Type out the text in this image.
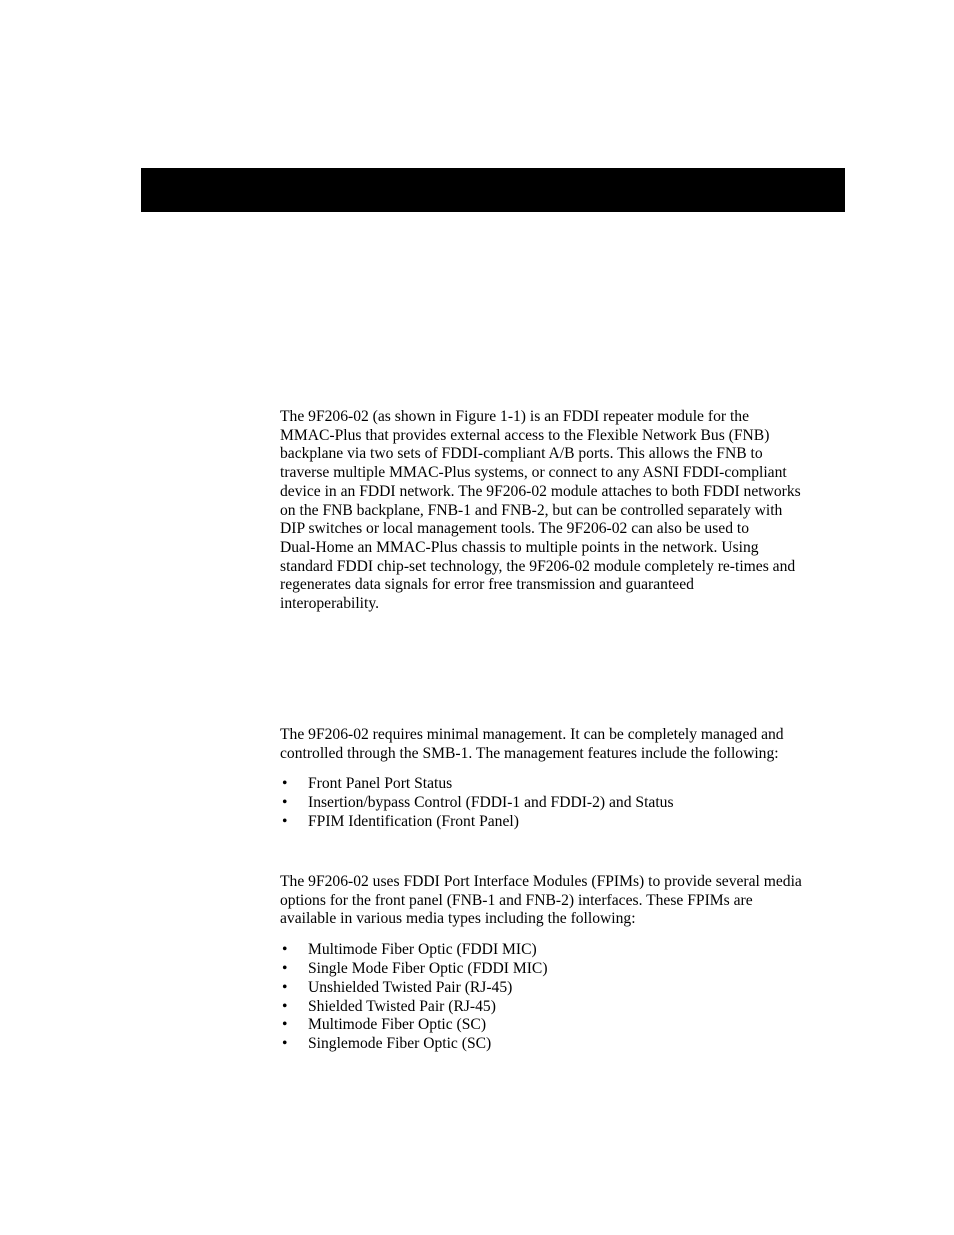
The 9F206-02 (as shown in Figure 1-1) is an FDDI repeater module for the
MMAC-Plus that provides external access to the Flexible Network Bus (FNB)
backplane via two sets of FDDI-compliant A/B ports. This allows the FNB to
traverse multiple MMAC-Plus systems, or connect to any ASNI FDDI-compliant
device in an FDDI network. The 9F206-02 module attaches to both FDDI networks
on the FNB backplane, FNB-1 and FNB-2, but can be controlled separately with
DIP switches or local management tools. The 9F206-02 can also be used to
Dual-Home an MMAC-Plus chassis to multiple points in the network. Using
standard FDDI chip-set technology, the 9F206-02 module completely re-times and
regenerates data signals for error free transmission and guaranteed
interoperability.

The 9F206-02 requires minimal management. It can be completely managed and
controlled through the SMB-1. The management features include the following:

• Front Panel Port Status
• Insertion/bypass Control (FDDI-1 and FDDI-2) and Status
• FPIM Identification (Front Panel)

The 9F206-02 uses FDDI Port Interface Modules (FPIMs) to provide several media
options for the front panel (FNB-1 and FNB-2) interfaces. These FPIMs are
available in various media types including the following:

• Multimode Fiber Optic (FDDI MIC)
• Single Mode Fiber Optic (FDDI MIC)
• Unshielded Twisted Pair (RJ-45)
• Shielded Twisted Pair (RJ-45)
• Multimode Fiber Optic (SC)
• Singlemode Fiber Optic (SC)
